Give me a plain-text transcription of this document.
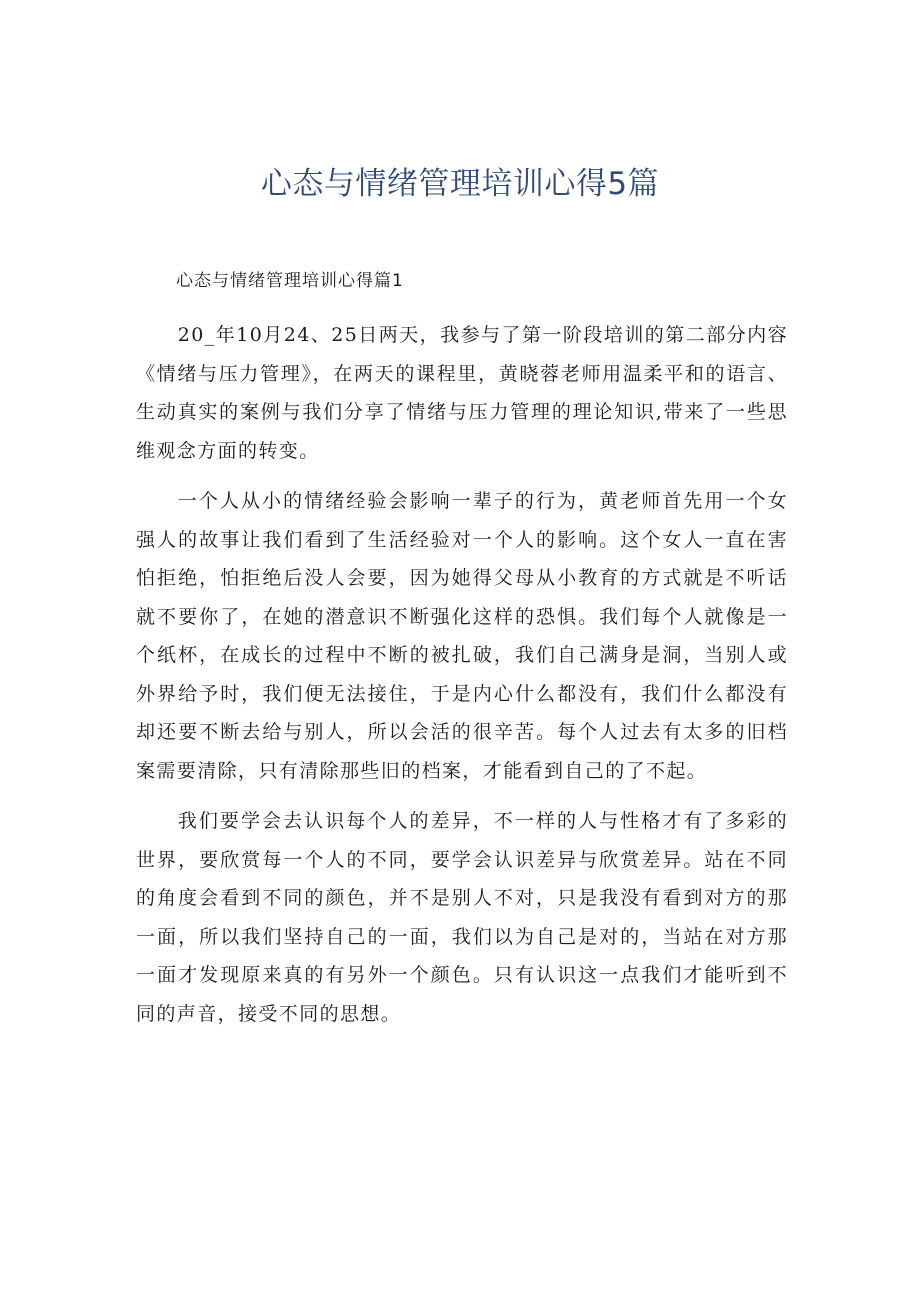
心态与情绪管理培训心得5篇

心态与情绪管理培训心得篇1

20_年10月24、25日两天，我参与了第一阶段培训的第二部分内容《情绪与压力管理》，在两天的课程里，黄晓蓉老师用温柔平和的语言、生动真实的案例与我们分享了情绪与压力管理的理论知识,带来了一些思维观念方面的转变。

一个人从小的情绪经验会影响一辈子的行为，黄老师首先用一个女强人的故事让我们看到了生活经验对一个人的影响。这个女人一直在害怕拒绝，怕拒绝后没人会要，因为她得父母从小教育的方式就是不听话就不要你了，在她的潜意识不断强化这样的恐惧。我们每个人就像是一个纸杯，在成长的过程中不断的被扎破，我们自己满身是洞，当别人或外界给予时，我们便无法接住，于是内心什么都没有，我们什么都没有却还要不断去给与别人，所以会活的很辛苦。每个人过去有太多的旧档案需要清除，只有清除那些旧的档案，才能看到自己的了不起。

我们要学会去认识每个人的差异，不一样的人与性格才有了多彩的世界，要欣赏每一个人的不同，要学会认识差异与欣赏差异。站在不同的角度会看到不同的颜色，并不是别人不对，只是我没有看到对方的那一面，所以我们坚持自己的一面，我们以为自己是对的，当站在对方那一面才发现原来真的有另外一个颜色。只有认识这一点我们才能听到不同的声音，接受不同的思想。
